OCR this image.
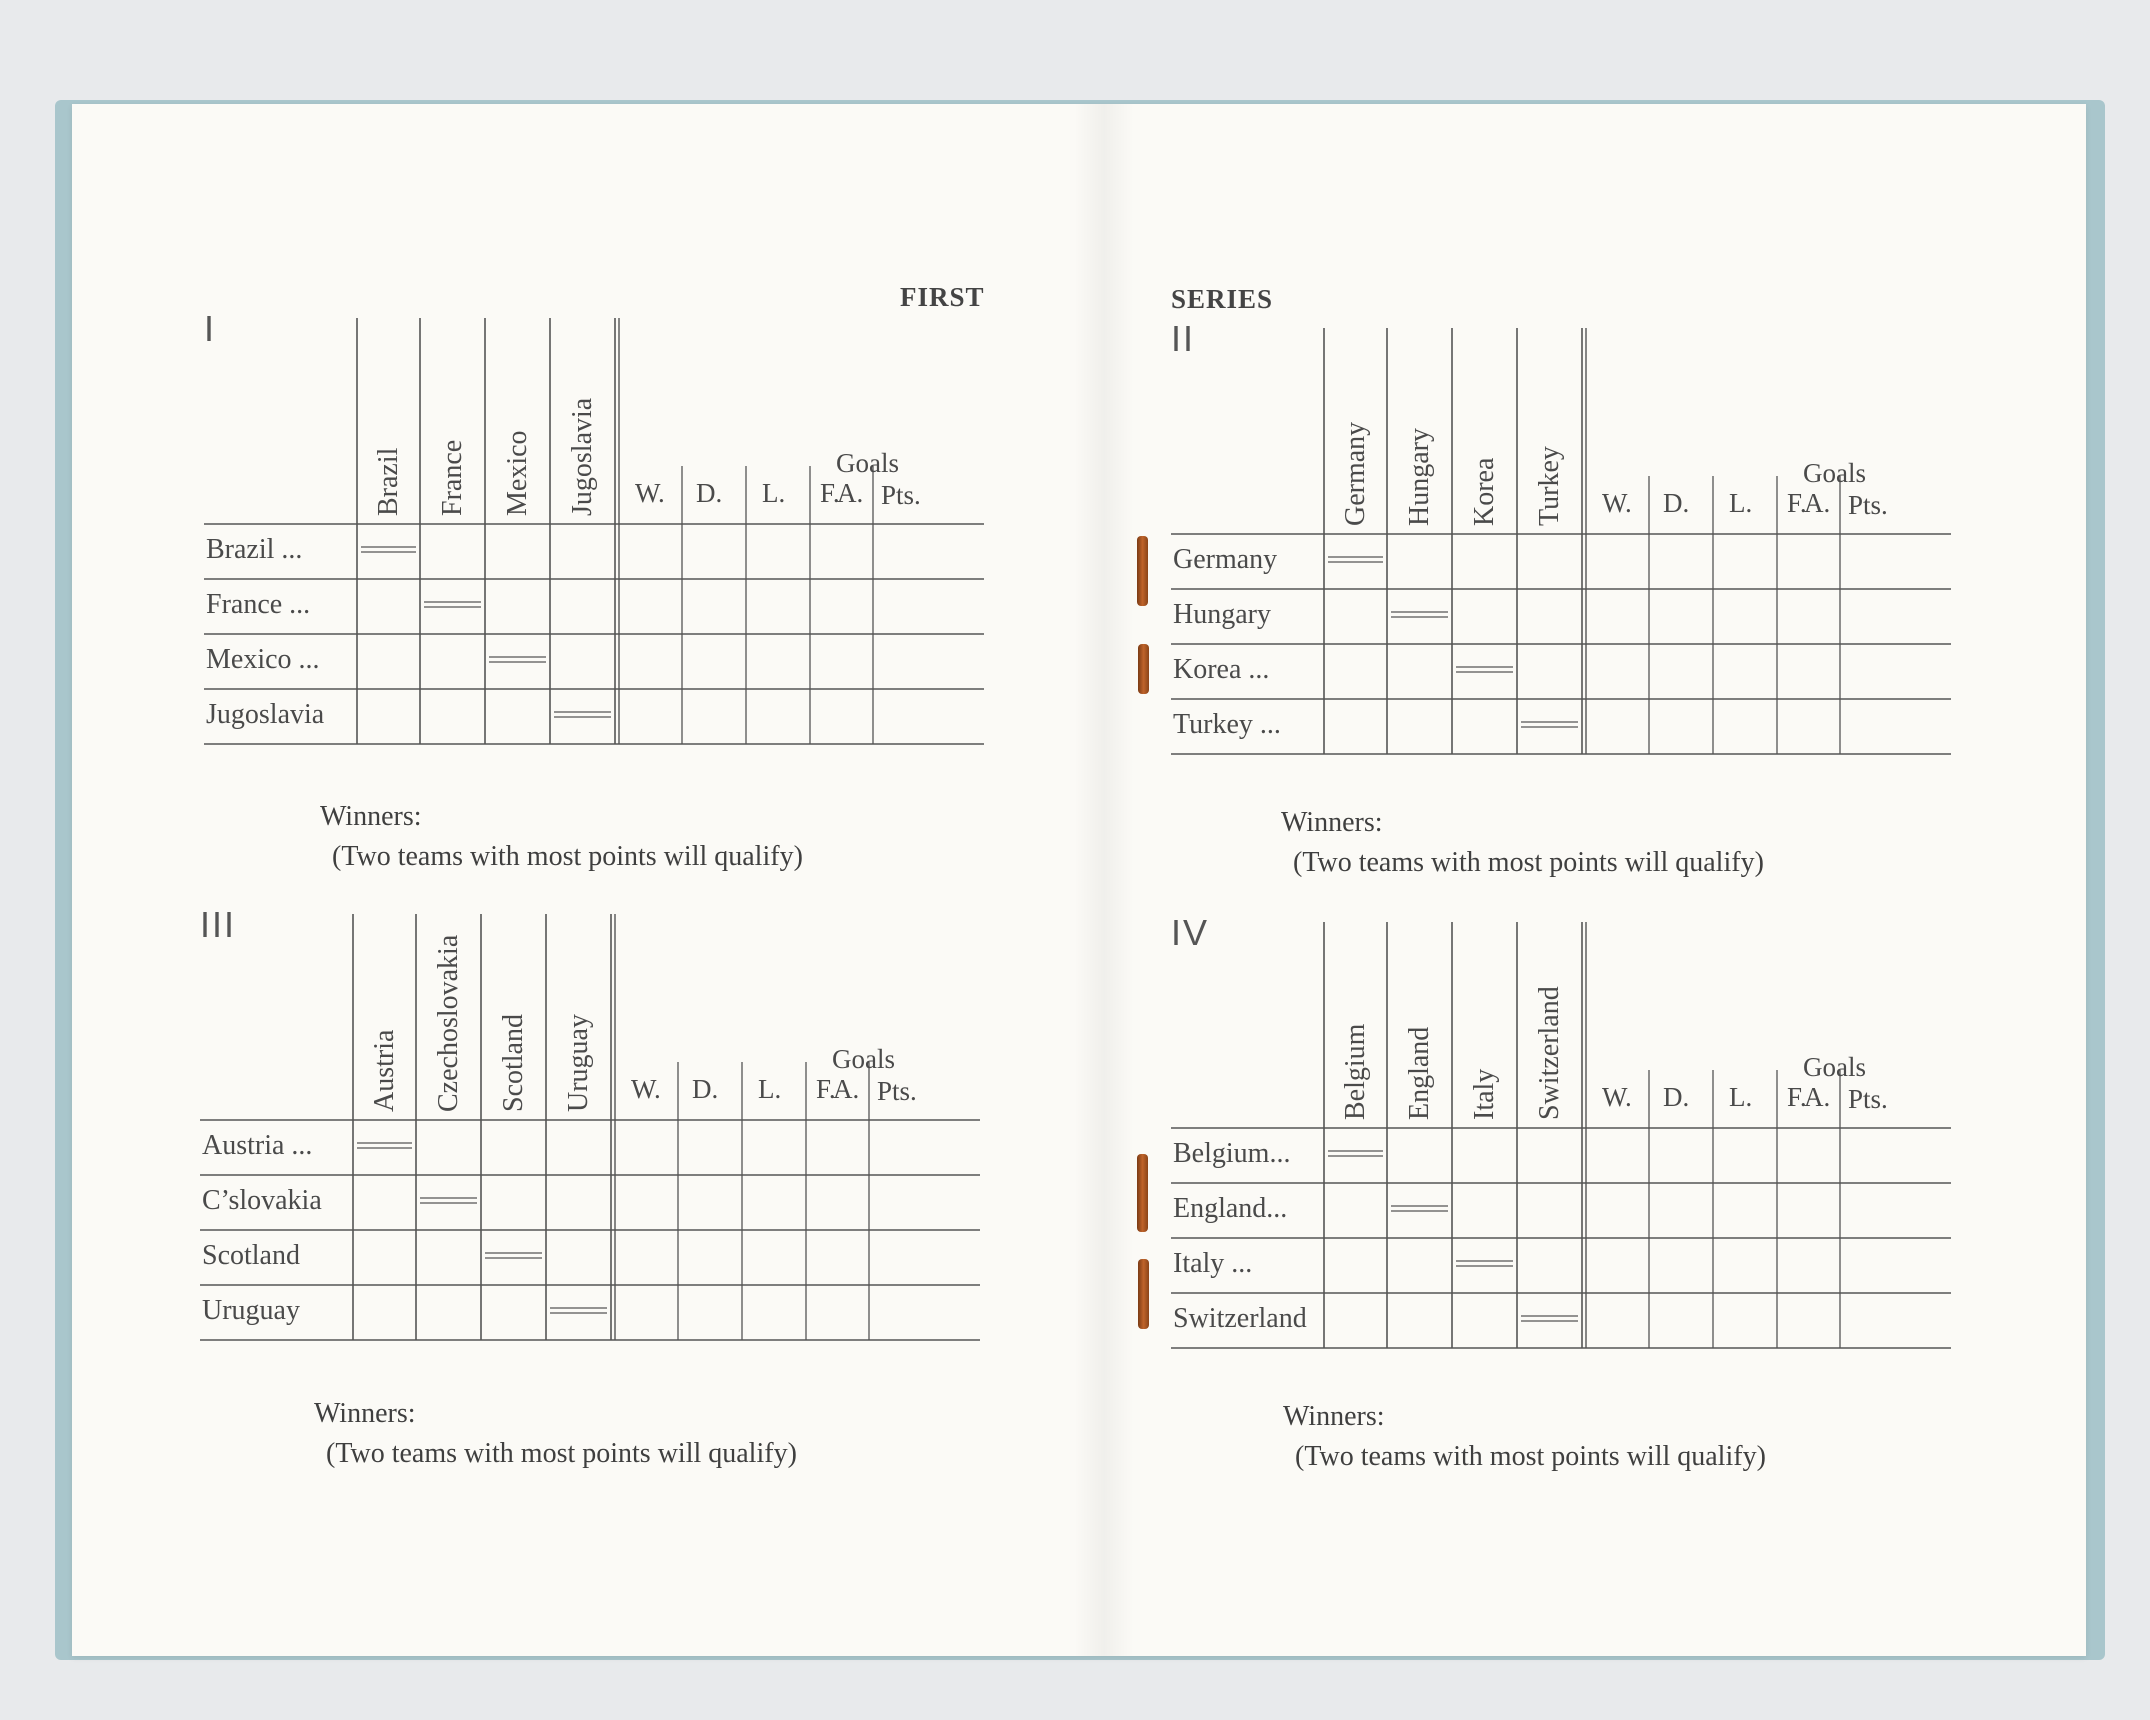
FIRST	SERIES
I
Brazil France Mexico Jugoslavia W. D. L. F.
A. Pts.
Goals
Brazil ...
France ...
Mexico ...
Jugoslavia
II
Germany Hungary Korea Turkey W. D. L. F.
A. Pts.
Goals
Germany
Hungary
Korea ...
Turkey ...
III
Austria Czechoslovakia Scotland Uruguay W. D. L. F.
A. Pts.
Goals
Austria ...
C’slovakia
Scotland
Uruguay
IV
Belgium England Italy Switzerland W. D. L. F.
A. Pts.
Goals
Belgium...
England...
Italy ...
Switzerland
Winners:
(Two teams with most points will qualify)
Winners:
(Two teams with most points will qualify)
Winners:
(Two teams with most points will qualify)
Winners:
(Two teams with most points will qualify)
